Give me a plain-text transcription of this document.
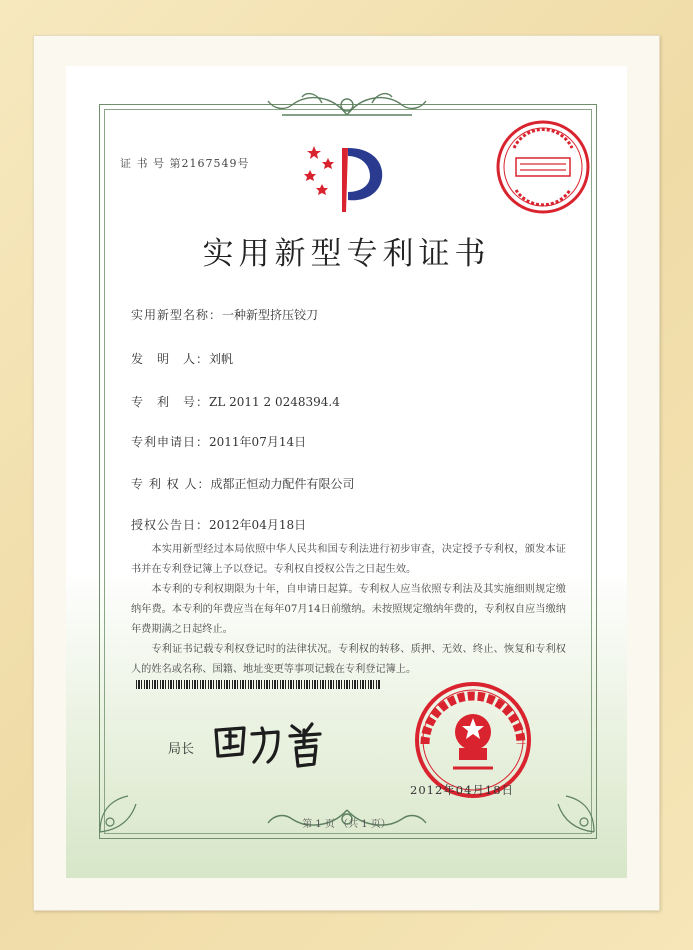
证 书 号 第2167549号
实用新型专利证书
实用新型名称：一种新型挤压铰刀
发　明　人：刘帆
专　利　号：ZL 2011 2 0248394.4
专利申请日：2011年07月14日
专 利 权 人：成都正恒动力配件有限公司
授权公告日：2012年04月18日

本实用新型经过本局依照中华人民共和国专利法进行初步审查，决定授予专利权，颁发本证书并在专利登记簿上予以登记。专利权自授权公告之日起生效。

本专利的专利权期限为十年，自申请日起算。专利权人应当依照专利法及其实施细则规定缴纳年费。本专利的年费应当在每年07月14日前缴纳。未按照规定缴纳年费的，专利权自应当缴纳年费期满之日起终止。

专利证书记载专利权登记时的法律状况。专利权的转移、质押、无效、终止、恢复和专利权人的姓名或名称、国籍、地址变更等事项记载在专利登记簿上。

局长
2012年04月18日
第 1 页 （共 1 页）
